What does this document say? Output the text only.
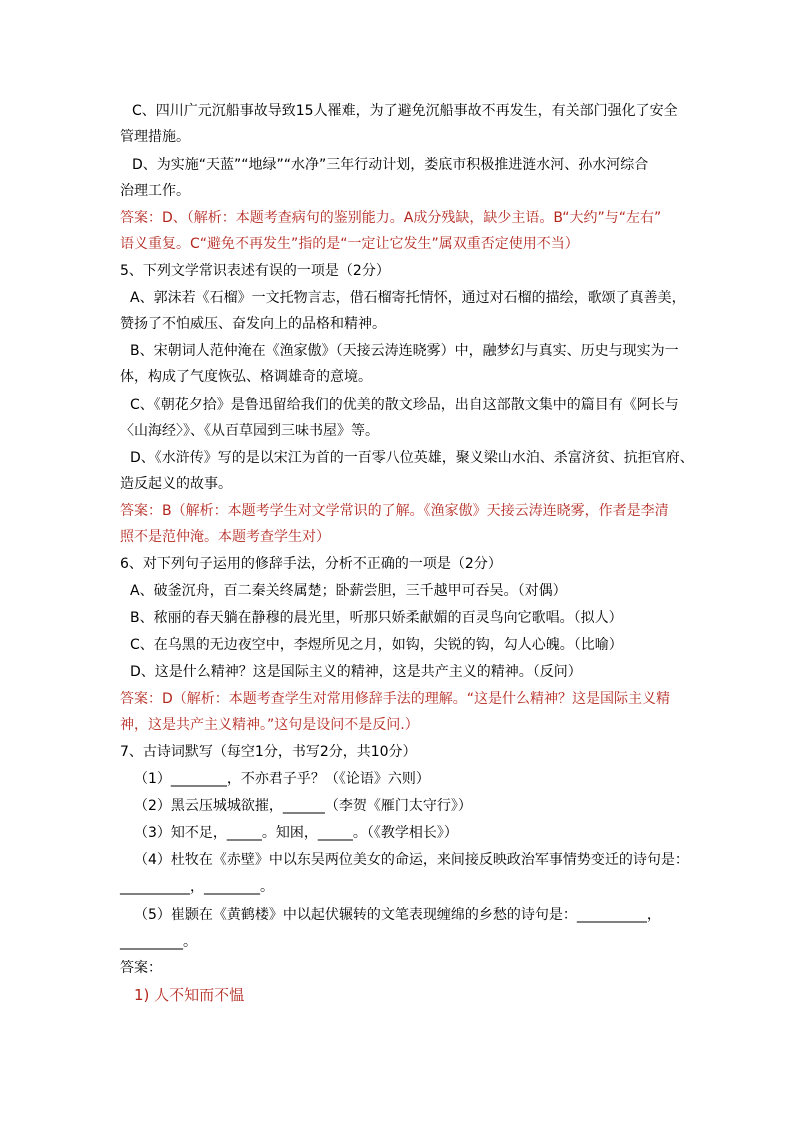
C、四川广元沉船事故导致15人罹难，为了避免沉船事故不再发生，有关部门强化了安全
管理措施。
D、为实施“天蓝”“地绿”“水净”三年行动计划，娄底市积极推进涟水河、孙水河综合
治理工作。
答案：D、（解析：本题考查病句的鉴别能力。A成分残缺，缺少主语。B“大约”与“左右”
语义重复。C“避免不再发生”指的是“一定让它发生”属双重否定使用不当）
5、下列文学常识表述有误的一项是（2分）
A、郭沫若《石榴》一文托物言志，借石榴寄托情怀，通过对石榴的描绘，歌颂了真善美，
赞扬了不怕威压、奋发向上的品格和精神。
B、宋朝词人范仲淹在《渔家傲》（天接云涛连晓雾）中，融梦幻与真实、历史与现实为一
体，构成了气度恢弘、格调雄奇的意境。
C、《朝花夕拾》是鲁迅留给我们的优美的散文珍品，出自这部散文集中的篇目有《阿长与
〈山海经〉》、《从百草园到三味书屋》等。
D、《水浒传》写的是以宋江为首的一百零八位英雄，聚义梁山水泊、杀富济贫、抗拒官府、
造反起义的故事。
答案：B（解析：本题考学生对文学常识的了解。《渔家傲》天接云涛连晓雾，作者是李清
照不是范仲淹。本题考查学生对）
6、对下列句子运用的修辞手法，分析不正确的一项是（2分）
A、破釜沉舟，百二秦关终属楚；卧薪尝胆，三千越甲可吞吴。（对偶）
B、秾丽的春天躺在静穆的晨光里，听那只娇柔献媚的百灵鸟向它歌唱。（拟人）
C、在乌黑的无边夜空中，李煜所见之月，如钩，尖锐的钩，勾人心魄。（比喻）
D、这是什么精神？这是国际主义的精神，这是共产主义的精神。（反问）
答案：D（解析：本题考查学生对常用修辞手法的理解。“这是什么精神？这是国际主义精
神，这是共产主义精神。”这句是设问不是反问.）
7、古诗词默写（每空1分，书写2分，共10分）
（1）________，不亦君子乎？（《论语》六则）
（2）黑云压城城欲摧，______（李贺《雁门太守行》）
（3）知不足，_____。知困，_____。（《教学相长》）
（4）杜牧在《赤壁》中以东吴两位美女的命运，来间接反映政治军事情势变迁的诗句是：
__________，________。
（5）崔颢在《黄鹤楼》中以起伏辗转的文笔表现缠绵的乡愁的诗句是：__________，
_________。
答案：
1) 人不知而不愠
